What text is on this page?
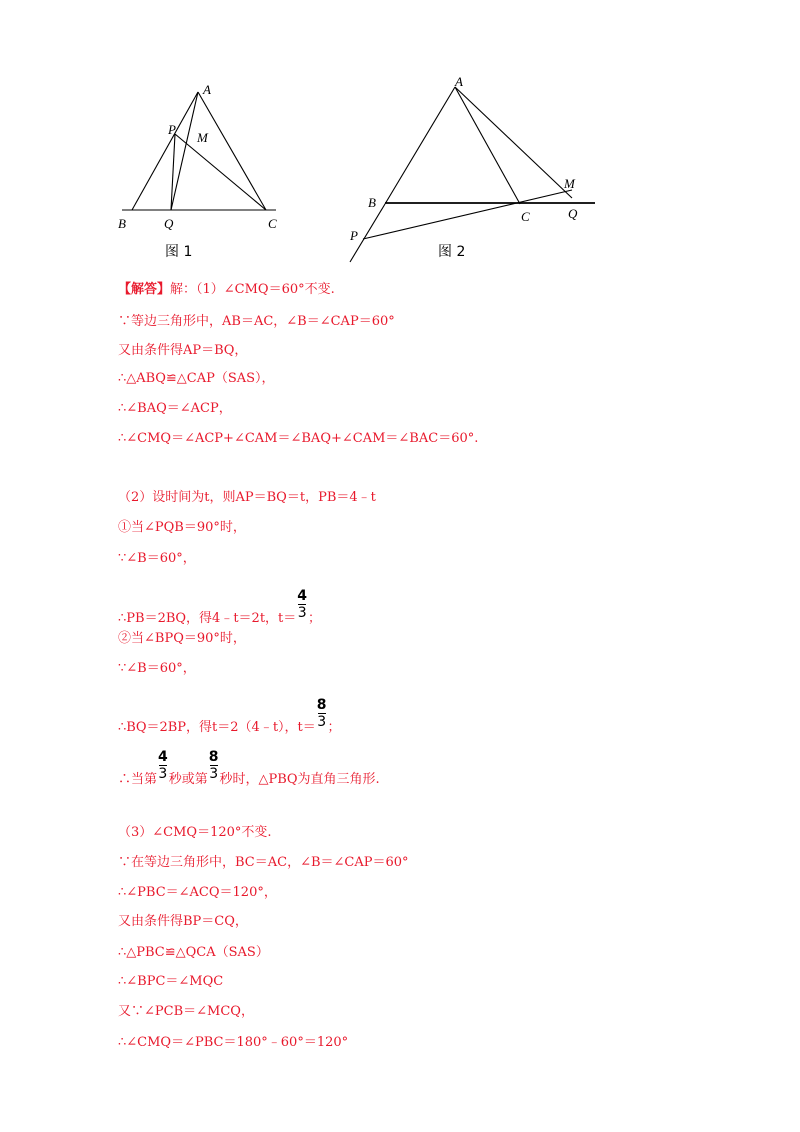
A
P
M
B	Q	C
图 1
A
M
B
C	Q
P
图 2
【解答】解：（1）∠CMQ＝60°不变.
∵等边三角形中，AB＝AC，∠B＝∠CAP＝60°
又由条件得AP＝BQ，
∴△ABQ≌△CAP（SAS），
∴∠BAQ＝∠ACP，
∴∠CMQ＝∠ACP+∠CAM＝∠BAQ+∠CAM＝∠BAC＝60°.
（2）设时间为t，则AP＝BQ＝t，PB＝4﹣t
①当∠PQB＝90°时，
∵∠B＝60°，
∴PB＝2BQ，得4﹣t＝2t，$t= \frac{4}{3}$ ；
②当∠BPQ＝90°时，
∵∠B＝60°，
∴BQ＝2BP，得t＝2（4﹣t），$t= \frac{8}{3}$ ；
∴当第 $\frac{4}{3}$ 秒或第 $\frac{8}{3}$ 秒时，△PBQ为直角三角形.
（3）∠CMQ＝120°不变.
∵在等边三角形中，BC＝AC，∠B＝∠CAP＝60°
∴∠PBC＝∠ACQ＝120°，
又由条件得BP＝CQ，
∴△PBC≌△QCA（SAS）
∴∠BPC＝∠MQC
又∵∠PCB＝∠MCQ，
∴∠CMQ＝∠PBC＝180°﹣60°＝120°
